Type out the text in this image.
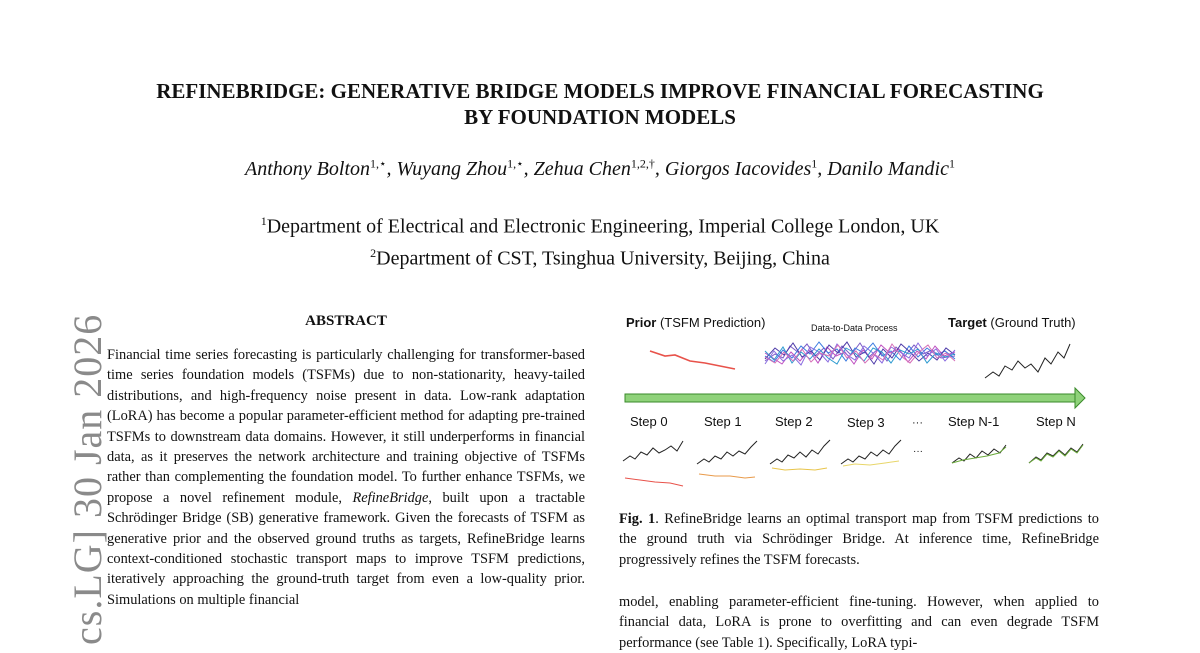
REFINEBRIDGE: GENERATIVE BRIDGE MODELS IMPROVE FINANCIAL FORECASTING
BY FOUNDATION MODELS
Anthony Bolton$^{1,⋆}$, Wuyang Zhou$^{1,⋆}$, Zehua Chen$^{1,2,\dagger}$, Giorgos Iacovides$^1$, Danilo Mandic$^1$
$^1$Department of Electrical and Electronic Engineering, Imperial College London, UK
$^2$Department of CST, Tsinghua University, Beijing, China
cs.LG] 30 Jan 2026	ABSTRACT
Financial time series forecasting is particularly challenging for transformer-based time series foundation models (TSFMs) due to non-stationarity, heavy-tailed distributions, and high-frequency noise present in data. Low-rank adaptation (LoRA) has become a popular parameter-efficient method for adapting pre-trained TSFMs to downstream data domains. However, it still underperforms in financial data, as it preserves the network architecture and training objective of TSFMs rather than complementing the foundation model. To further enhance TSFMs, we propose a novel refinement module, RefineBridge, built upon a tractable Schrödinger Bridge (SB) generative framework. Given the forecasts of TSFM as generative prior and the observed ground truths as targets, RefineBridge learns context-conditioned stochastic transport maps to improve TSFM predictions, iteratively approaching the ground-truth target from even a low-quality prior. Simulations on multiple financial
Prior (TSFM Prediction)	Data-to-Data Process	Target (Ground Truth)
Step 0	Step 1	Step 2	Step 3 ··· Step N-1	Step N
···
Fig. 1. RefineBridge learns an optimal transport map from TSFM predictions to the ground truth via Schrödinger Bridge. At inference time, RefineBridge progressively refines the TSFM forecasts.
model, enabling parameter-efficient fine-tuning. However, when applied to financial data, LoRA is prone to overfitting and can even degrade TSFM performance (see Table 1). Specifically, LoRA typi-
